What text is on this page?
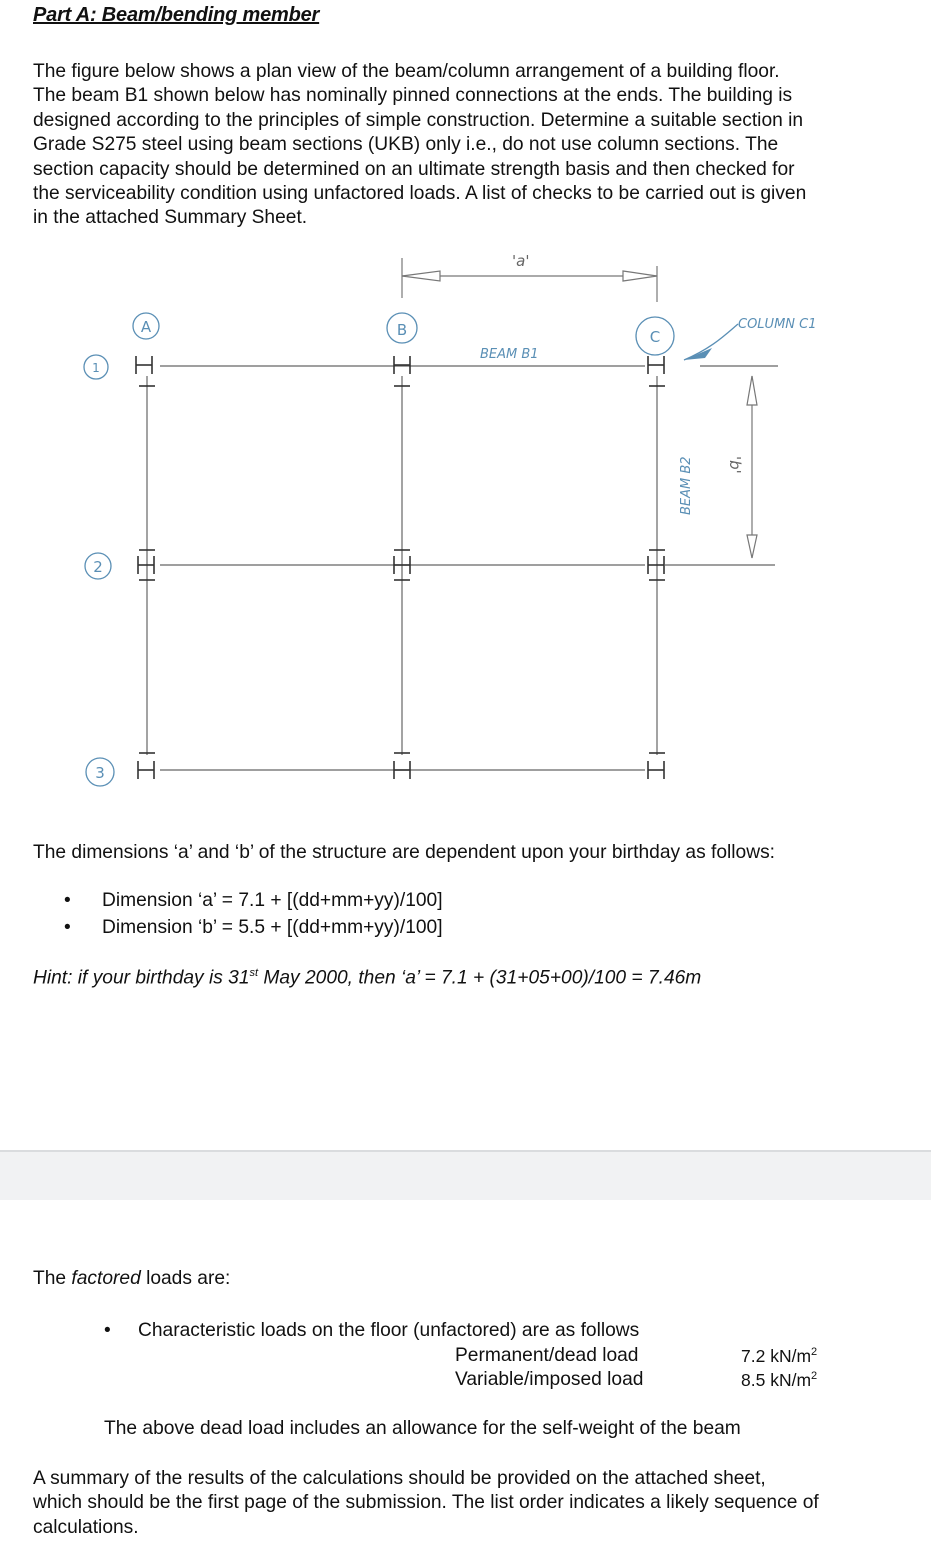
Part A: Beam/bending member
The figure below shows a plan view of the beam/column arrangement of a building floor.
The beam B1 shown below has nominally pinned connections at the ends. The building is
designed according to the principles of simple construction. Determine a suitable section in
Grade S275 steel using beam sections (UKB) only i.e., do not use column sections. The
section capacity should be determined on an ultimate strength basis and then checked for
the serviceability condition using unfactored loads. A list of checks to be carried out is given
in the attached Summary Sheet.
'a'
'b'
A	B	C
1
2
3
BEAM B1
BEAM B2
COLUMN C1
The dimensions ‘a’ and ‘b’ of the structure are dependent upon your birthday as follows:
• Dimension ‘a’ = 7.1 + [(dd+mm+yy)/100]
• Dimension ‘b’ = 5.5 + [(dd+mm+yy)/100]
Hint: if your birthday is 31st May 2000, then ‘a’ = 7.1 + (31+05+00)/100 = 7.46m
The factored loads are:
• Characteristic loads on the floor (unfactored) are as follows
Permanent/dead load	7.2 $kN/m^2$
Variable/imposed load	8.5 $kN/m^2$
The above dead load includes an allowance for the self-weight of the beam
A summary of the results of the calculations should be provided on the attached sheet,
which should be the first page of the submission. The list order indicates a likely sequence of
calculations.
